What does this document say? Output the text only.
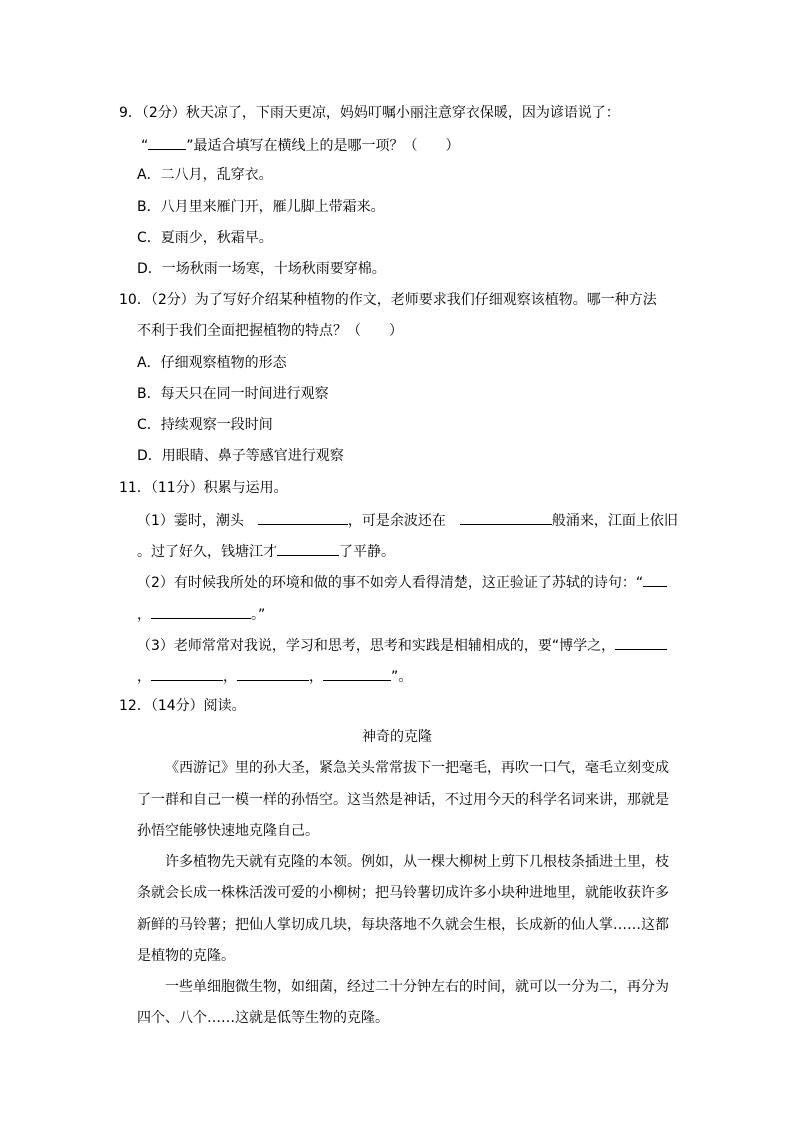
9．（2分）秋天凉了，下雨天更凉，妈妈叮嘱小丽注意穿衣保暖，因为谚语说了：
“	”最适合填写在横线上的是哪一项？（　　）
A．二八月，乱穿衣。
B．八月里来雁门开，雁儿脚上带霜来。
C．夏雨少，秋霜早。
D．一场秋雨一场寒，十场秋雨要穿棉。
10．（2分）为了写好介绍某种植物的作文，老师要求我们仔细观察该植物。哪一种方法
不利于我们全面把握植物的特点？（　　）
A．仔细观察植物的形态
B．每天只在同一时间进行观察
C．持续观察一段时间
D．用眼睛、鼻子等感官进行观察
11．（11分）积累与运用。
（1）霎时，潮头	，可是余波还在	般涌来，江面上依旧
。过了好久，钱塘江才	了平静。
（2）有时候我所处的环境和做的事不如旁人看得清楚，这正验证了苏轼的诗句：“
，	。”
（3）老师常常对我说，学习和思考，思考和实践是相辅相成的，要“博学之，
，	，	，	”。
12．（14分）阅读。
神奇的克隆
《西游记》里的孙大圣，紧急关头常常拔下一把毫毛，再吹一口气，毫毛立刻变成
了一群和自己一模一样的孙悟空。这当然是神话，不过用今天的科学名词来讲，那就是
孙悟空能够快速地克隆自己。
许多植物先天就有克隆的本领。例如，从一棵大柳树上剪下几根枝条插进土里，枝
条就会长成一株株活泼可爱的小柳树；把马铃薯切成许多小块种进地里，就能收获许多
新鲜的马铃薯；把仙人掌切成几块，每块落地不久就会生根，长成新的仙人掌……这都
是植物的克隆。
一些单细胞微生物，如细菌，经过二十分钟左右的时间，就可以一分为二，再分为
四个、八个……这就是低等生物的克隆。
